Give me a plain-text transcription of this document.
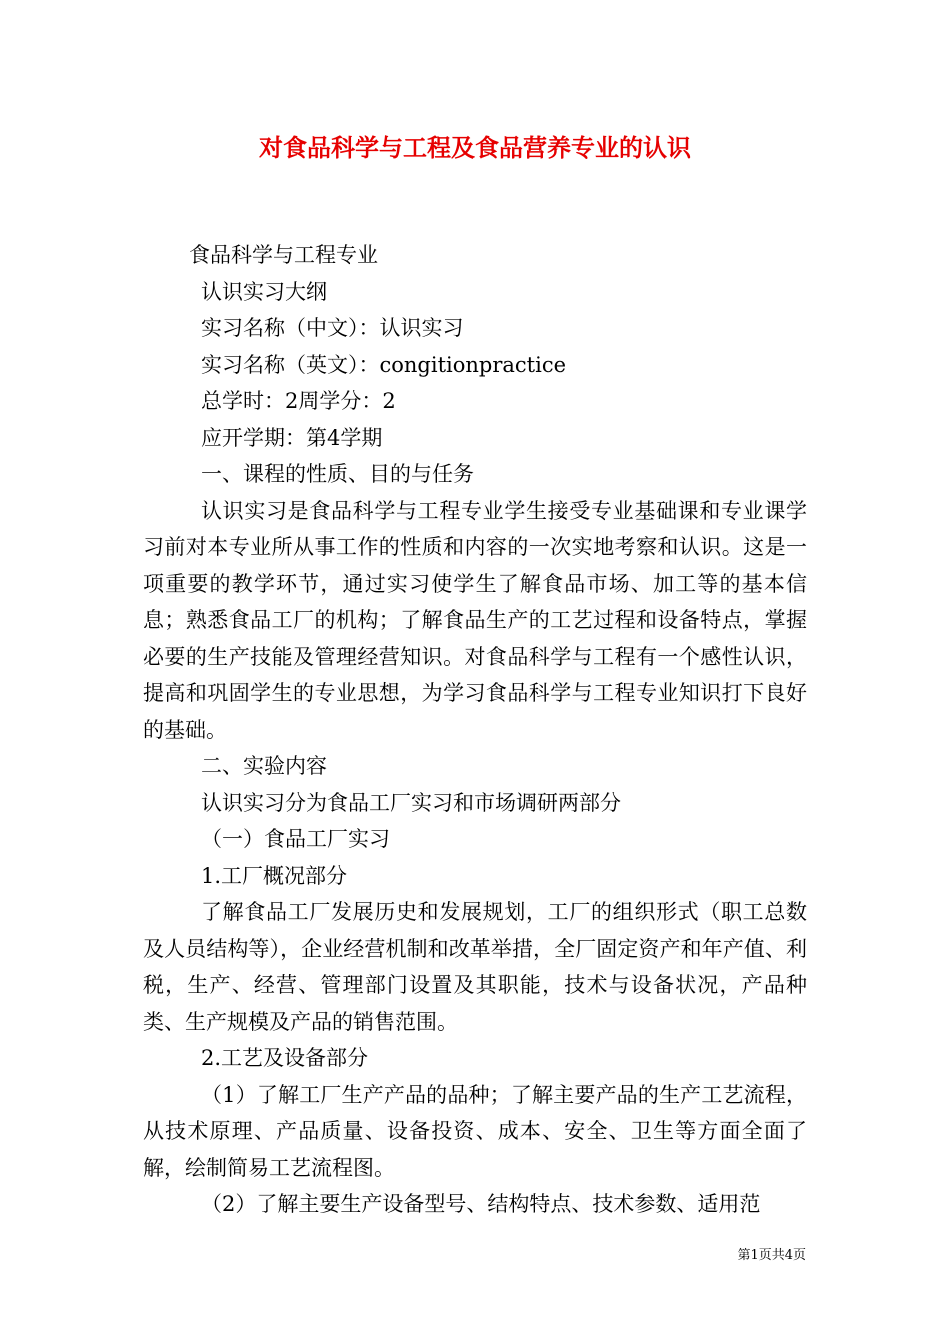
对食品科学与工程及食品营养专业的认识

食品科学与工程专业

认识实习大纲

实习名称（中文）：认识实习

实习名称（英文）：congitionpractice

总学时：2周学分：2

应开学期：第4学期

一、课程的性质、目的与任务

认识实习是食品科学与工程专业学生接受专业基础课和专业课学习前对本专业所从事工作的性质和内容的一次实地考察和认识。这是一项重要的教学环节，通过实习使学生了解食品市场、加工等的基本信息；熟悉食品工厂的机构；了解食品生产的工艺过程和设备特点，掌握必要的生产技能及管理经营知识。对食品科学与工程有一个感性认识，提高和巩固学生的专业思想，为学习食品科学与工程专业知识打下良好的基础。

二、实验内容

认识实习分为食品工厂实习和市场调研两部分

（一）食品工厂实习

1.工厂概况部分

了解食品工厂发展历史和发展规划，工厂的组织形式（职工总数及人员结构等），企业经营机制和改革举措，全厂固定资产和年产值、利税，生产、经营、管理部门设置及其职能，技术与设备状况，产品种类、生产规模及产品的销售范围。

2.工艺及设备部分

（1）了解工厂生产产品的品种；了解主要产品的生产工艺流程，从技术原理、产品质量、设备投资、成本、安全、卫生等方面全面了解，绘制简易工艺流程图。

（2）了解主要生产设备型号、结构特点、技术参数、适用范

第1页共4页
